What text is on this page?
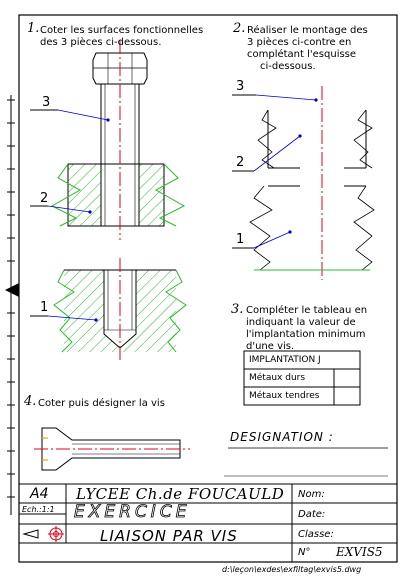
1. Coter les surfaces fonctionnelles
des 3 pièces ci-dessous.
2. Réaliser le montage des
3 pièces ci-contre en
complétant l'esquisse
ci-dessous.
3
2
1
3
2
1
3. Compléter le tableau en
indiquant la valeur de
l'implantation minimum
d'une vis.
IMPLANTATION J
Métaux durs
Métaux tendres
4. Coter puis désigner la vis
DESIGNATION :
A4 LYCEE Ch.de FOUCAULD
Ech.:1:1 EXERCICE
LIAISON PAR VIS
Nom:
Date:
Classe:
N° EXVIS5
d:\leçon\exdes\exfiltag\exvis5.dwg
